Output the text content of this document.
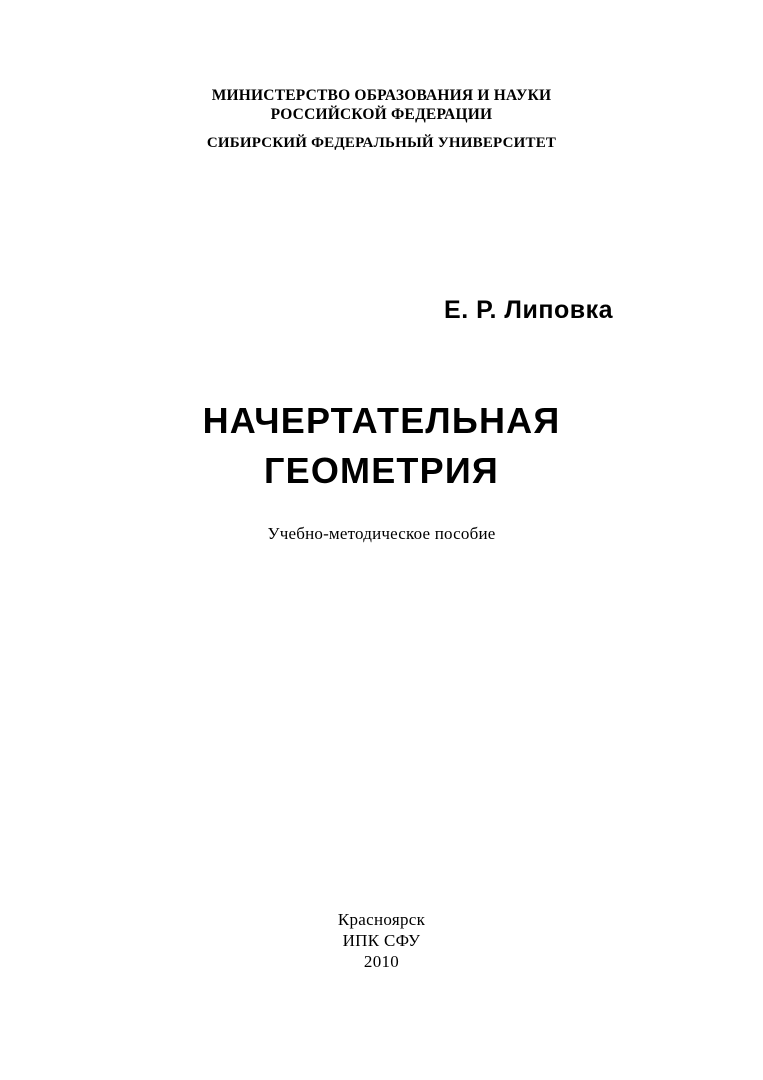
МИНИСТЕРСТВО ОБРАЗОВАНИЯ И НАУКИ
РОССИЙСКОЙ ФЕДЕРАЦИИ
СИБИРСКИЙ ФЕДЕРАЛЬНЫЙ УНИВЕРСИТЕТ
Е. Р. Липовка
НАЧЕРТАТЕЛЬНАЯ
ГЕОМЕТРИЯ
Учебно-методическое пособие
Красноярск
ИПК СФУ
2010
